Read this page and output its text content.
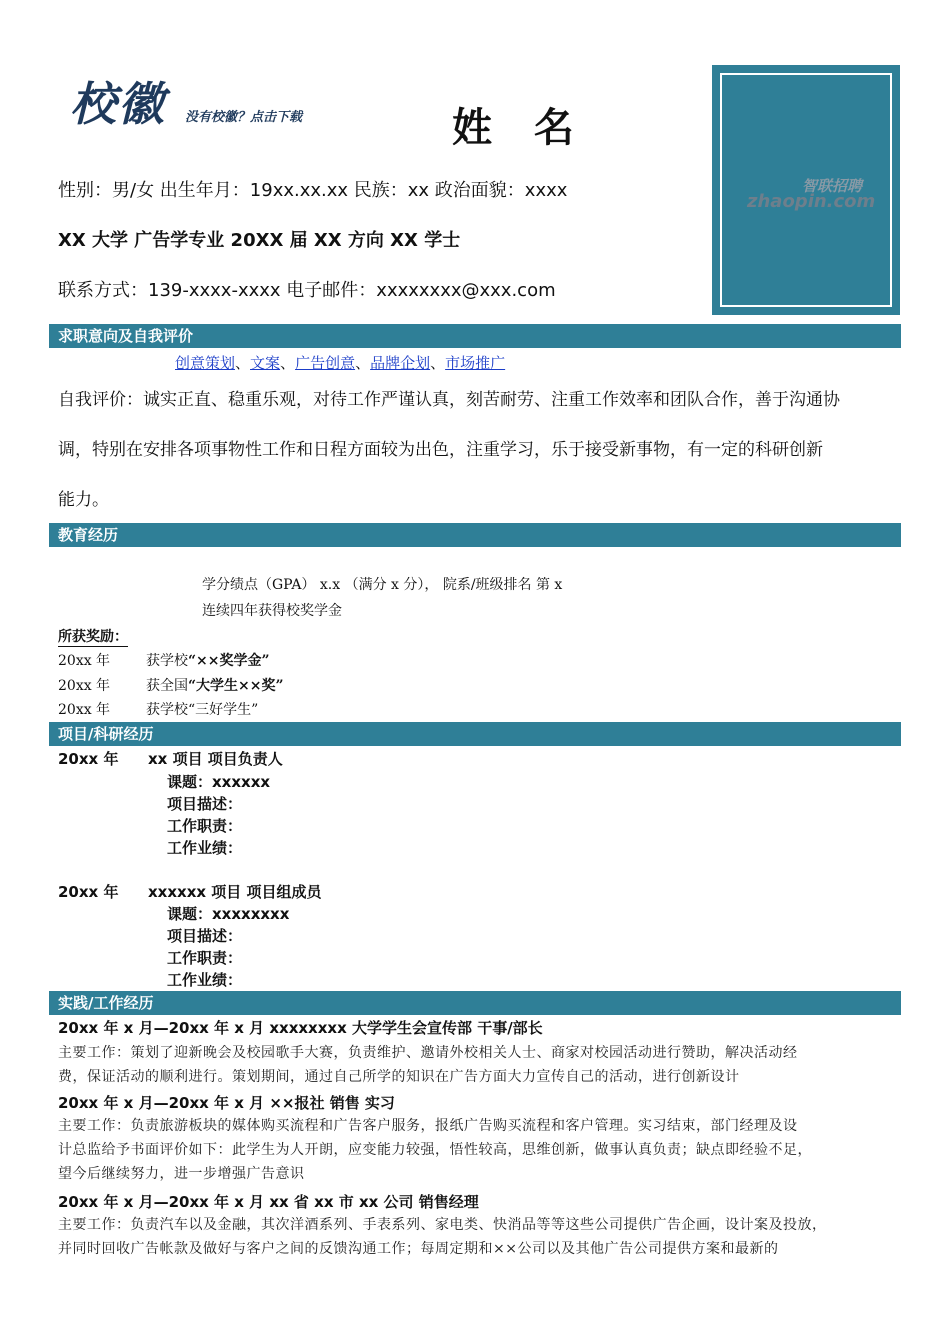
校徽 没有校徽？点击下载	姓 名
性别：男/女 出生年月：19xx.xx.xx 民族：xx 政治面貌：xxxx
XX 大学 广告学专业 20XX 届 XX 方向 XX 学士
联系方式：139-xxxx-xxxx 电子邮件：xxxxxxxx@xxx.com
智联招聘
zhaopin.com
求职意向及自我评价
创意策划、文案、广告创意、品牌企划、市场推广
自我评价：诚实正直、稳重乐观，对待工作严谨认真，刻苦耐劳、注重工作效率和团队合作，善于沟通协
调，特别在安排各项事物性工作和日程方面较为出色，注重学习，乐于接受新事物，有一定的科研创新
能力。
教育经历
学分绩点（GPA） x.x （满分 x 分）， 院系/班级排名 第 x
连续四年获得校奖学金
所获奖励：
20xx 年	获学校“××奖学金”
20xx 年	获全国“大学生××奖”
20xx 年	获学校“三好学生”
项目/科研经历
20xx 年 xx 项目 项目负责人
课题：xxxxxx
项目描述：
工作职责：
工作业绩：
20xx 年 xxxxxx 项目 项目组成员
课题：xxxxxxxx
项目描述：
工作职责：
工作业绩：
实践/工作经历
20xx 年 x 月—20xx 年 x 月 xxxxxxxx 大学学生会宣传部 干事/部长
主要工作：策划了迎新晚会及校园歌手大赛，负责维护、邀请外校相关人士、商家对校园活动进行赞助，解决活动经
费，保证活动的顺利进行。策划期间，通过自己所学的知识在广告方面大力宣传自己的活动，进行创新设计
20xx 年 x 月—20xx 年 x 月 ××报社 销售 实习
主要工作：负责旅游板块的媒体购买流程和广告客户服务，报纸广告购买流程和客户管理。实习结束，部门经理及设
计总监给予书面评价如下：此学生为人开朗，应变能力较强，悟性较高，思维创新，做事认真负责；缺点即经验不足，
望今后继续努力，进一步增强广告意识
20xx 年 x 月—20xx 年 x 月 xx 省 xx 市 xx 公司 销售经理
主要工作：负责汽车以及金融，其次洋酒系列、手表系列、家电类、快消品等等这些公司提供广告企画，设计案及投放，
并同时回收广告帐款及做好与客户之间的反馈沟通工作；每周定期和××公司以及其他广告公司提供方案和最新的
